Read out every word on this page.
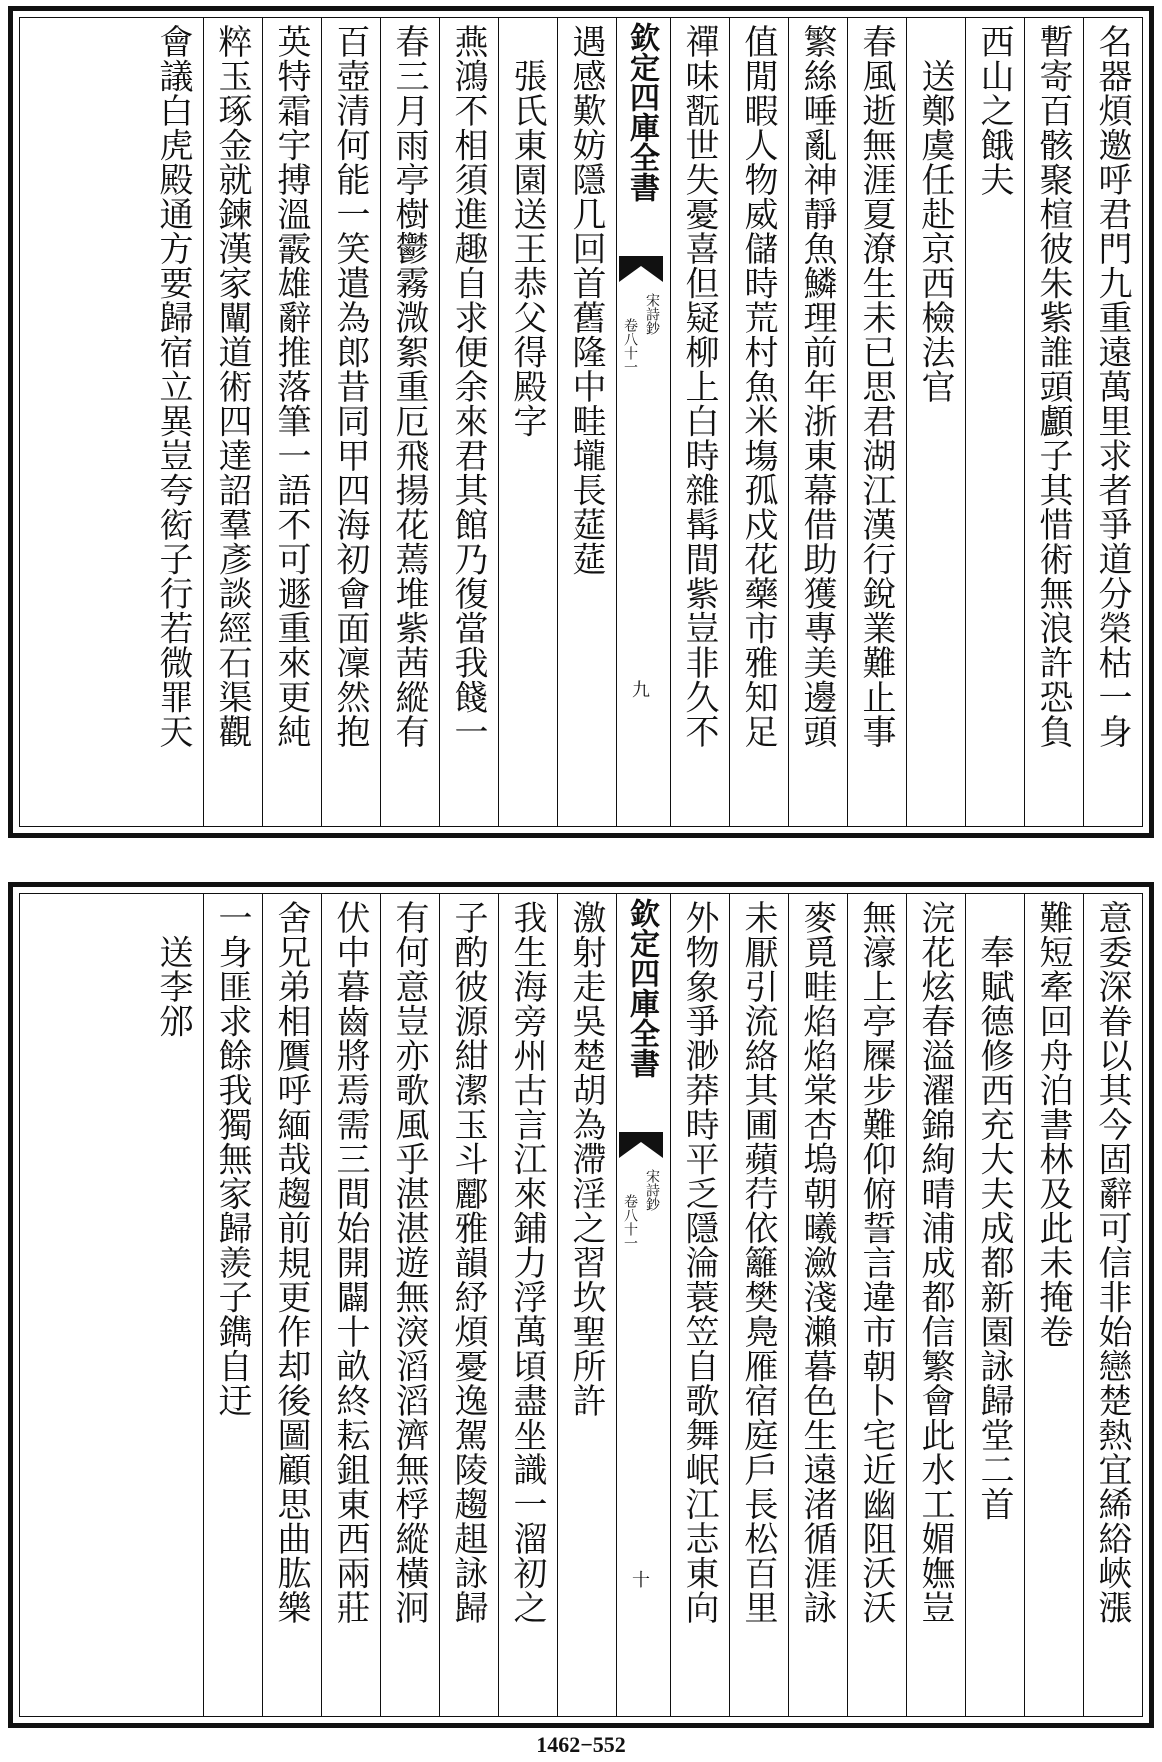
名器煩邀呼君門九重遠萬里求者爭道分榮枯一身
暫寄百骸聚楦彼朱紫誰頭顱子其惜術無浪許恐負
西山之餓夫
　送鄭虞任赴京西檢法官
春風逝無涯夏潦生未已思君湖江漢行銳業難止事
繁絲唾亂神靜魚鱗理前年浙東幕借助獲專美邊頭
值閒暇人物威儲時荒村魚米塲孤戍花藥市雅知足
禪味翫世失憂喜但疑柳上白時雜髯間紫豈非久不
欽定四庫全書
宋詩鈔
卷八十一
九
遇感歎妨隱几回首舊隆中畦壠長莚莚
　張氏東園送王恭父得殿字
燕鴻不相須進趣自求便余來君其館乃復當我餞一
春三月雨亭樹鬱霧溦絮重厄飛揚花蔫堆紫茜縱有
百壺清何能一笑遣為郎昔同甲四海初會面凜然抱
英特霜宇搏溫霰雄辭推落筆一語不可遯重來更純
粹玉琢金就鍊漢家闡道術四達詔羣彥談經石渠觀
會議白虎殿通方要歸宿立異豈夸衒子行若微罪天
意委深眷以其今固辭可信非始戀楚熱宜絺綌峽漲
難短牽回舟泊書林及此未掩卷
　奉賦德修西充大夫成都新園詠歸堂二首
浣花炫春溢濯錦絢晴浦成都信繁會此水工媚嫵豈
無濠上亭屧步難仰俯誓言違市朝卜宅近幽阻沃沃
麥覓畦焰焰棠杏塢朝曦瀲淺瀨暮色生遠渚循涯詠
未厭引流絡其圃蘋荇依籬樊鳧雁宿庭戶長松百里
外物象爭渺莽時平乏隱淪蓑笠自歌舞岷江志東向
欽定四庫全書
宋詩鈔
卷八十一
十
激射走吳楚胡為滯淫之習坎聖所許
我生海旁州古言江來鋪力浮萬頃盡坐識一溜初之
子酌彼源紺潔玉斗酈雅韻紓煩憂逸駕陵趨趄詠歸
有何意豈亦歌風乎湛湛遊無㴱滔滔濟無桴縱橫泂
伏中暮齒將焉需三間始開闢十畝終耘鉏東西兩莊
舍兄弟相贋呼緬哉趨前規更作却後圖顧思曲肱樂
一身匪求餘我獨無家歸羨子鐫自迂
　送李邠
1462−552
